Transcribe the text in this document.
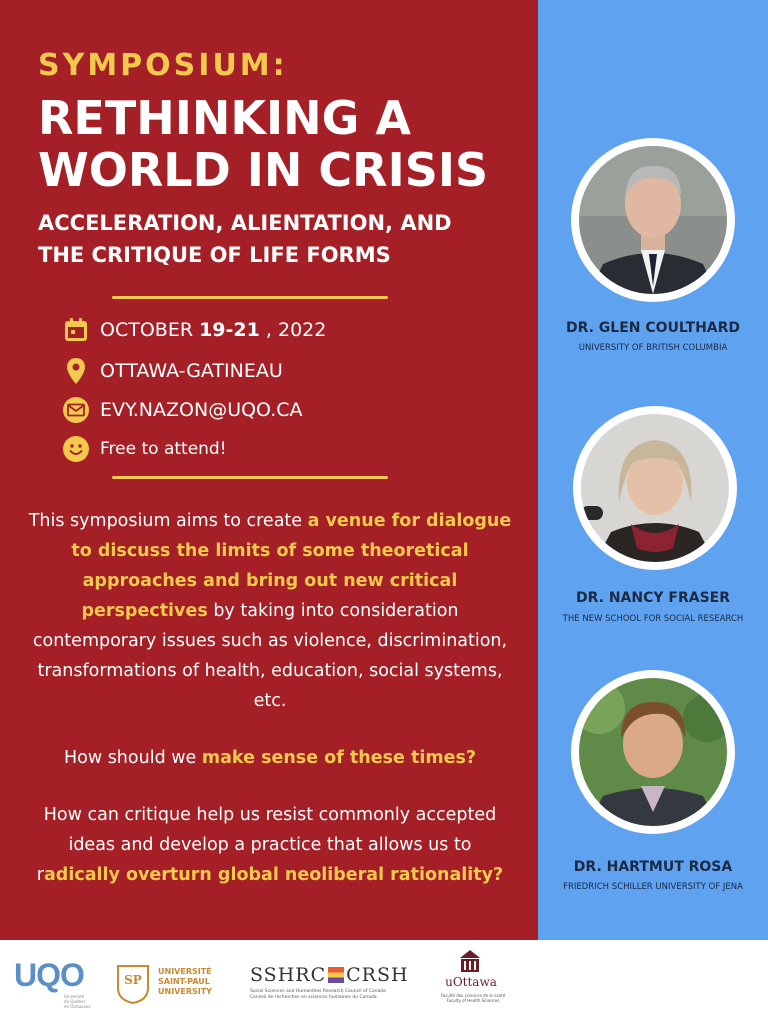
SYMPOSIUM:
RETHINKING A
WORLD IN CRISIS
ACCELERATION, ALIENTATION, AND
THE CRITIQUE OF LIFE FORMS
OCTOBER 19-21 , 2022
OTTAWA-GATINEAU
EVY.NAZON@UQO.CA
Free to attend!
This symposium aims to create a venue for dialogue to discuss the limits of some theoretical approaches and bring out new critical perspectives by taking into consideration contemporary issues such as violence, discrimination, transformations of health, education, social systems, etc.
How should we make sense of these times?
How can critique help us resist commonly accepted ideas and develop a practice that allows us to radically overturn global neoliberal rationality?
DR. GLEN COULTHARD
UNIVERSITY OF BRITISH COLUMBIA
DR. NANCY FRASER
THE NEW SCHOOL FOR SOCIAL RESEARCH
DR. HARTMUT ROSA
FRIEDRICH SCHILLER UNIVERSITY OF JENA
UQO
Université
du Québec
en Outaouais
SP
UNIVERSITÉ
SAINT-PAUL
UNIVERSITY
SSHRC CRSH
Social Sciences and Humanities Research Council of Canada
Conseil de recherches en sciences humaines du Canada
uOttawa
Faculté des sciences de la santé
Faculty of Health Sciences
